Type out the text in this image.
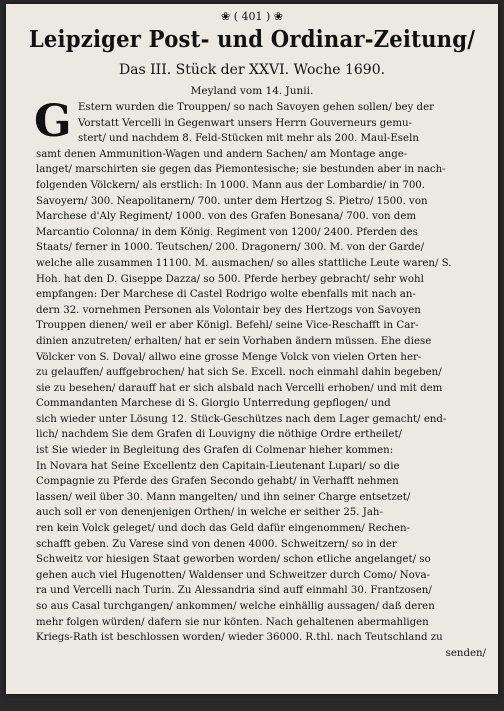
❀ ( 401 ) ❀
Leipziger Post- und Ordinar-Zeitung/
Das III. Stück der XXVI. Woche 1690.
Meyland vom 14. Junii.
G Estern wurden die Trouppen/ so nach Savoyen gehen sollen/ bey der
Vorstatt Vercelli in Gegenwart unsers Herrn Gouverneurs gemu-
stert/ und nachdem 8. Feld-Stücken mit mehr als 200. Maul-Eseln
samt denen Ammunition-Wagen und andern Sachen/ am Montage ange-
langet/ marschirten sie gegen das Piemontesische; sie bestunden aber in nach-
folgenden Völckern/ als erstlich: In 1000. Mann aus der Lombardie/ in 700.
Savoyern/ 300. Neapolitanern/ 700. unter dem Hertzog S. Pietro/ 1500. von
Marchese d'Aly Regiment/ 1000. von des Grafen Bonesana/ 700. von dem
Marcantio Colonna/ in dem König. Regiment von 1200/ 2400. Pferden des
Staats/ ferner in 1000. Teutschen/ 200. Dragonern/ 300. M. von der Garde/
welche alle zusammen 11100. M. ausmachen/ so alles stattliche Leute waren/ S.
Hoh. hat den D. Giseppe Dazza/ so 500. Pferde herbey gebracht/ sehr wohl
empfangen: Der Marchese di Castel Rodrigo wolte ebenfalls mit nach an-
dern 32. vornehmen Personen als Volontair bey des Hertzogs von Savoyen
Trouppen dienen/ weil er aber Königl. Befehl/ seine Vice-Reschafft in Car-
dinien anzutreten/ erhalten/ hat er sein Vorhaben ändern müssen. Ehe diese
Völcker von S. Doval/ allwo eine grosse Menge Volck von vielen Orten her-
zu gelauffen/ auffgebrochen/ hat sich Se. Excell. noch einmahl dahin begeben/
sie zu besehen/ darauff hat er sich alsbald nach Vercelli erhoben/ und mit dem
Commandanten Marchese di S. Giorgio Unterredung gepflogen/ und
sich wieder unter Lösung 12. Stück-Geschützes nach dem Lager gemacht/ end-
lich/ nachdem Sie dem Grafen di Louvigny die nöthige Ordre ertheilet/
ist Sie wieder in Begleitung des Grafen di Colmenar hieher kommen:
In Novara hat Seine Excellentz den Capitain-Lieutenant Lupari/ so die
Compagnie zu Pferde des Grafen Secondo gehabt/ in Verhafft nehmen
lassen/ weil über 30. Mann mangelten/ und ihn seiner Charge entsetzet/
auch soll er von denenjenigen Orthen/ in welche er seither 25. Jah-
ren kein Volck geleget/ und doch das Geld dafür eingenommen/ Rechen-
schafft geben. Zu Varese sind von denen 4000. Schweitzern/ so in der
Schweitz vor hiesigen Staat geworben worden/ schon etliche angelanget/ so
gehen auch viel Hugenotten/ Waldenser und Schweitzer durch Como/ Nova-
ra und Vercelli nach Turin. Zu Alessandria sind auff einmahl 30. Frantzosen/
so aus Casal turchgangen/ ankommen/ welche einhällig aussagen/ daß deren
mehr folgen würden/ dafern sie nur könten. Nach gehaltenen abermahligen
Kriegs-Rath ist beschlossen worden/ wieder 36000. R.thl. nach Teutschland zu
senden/
